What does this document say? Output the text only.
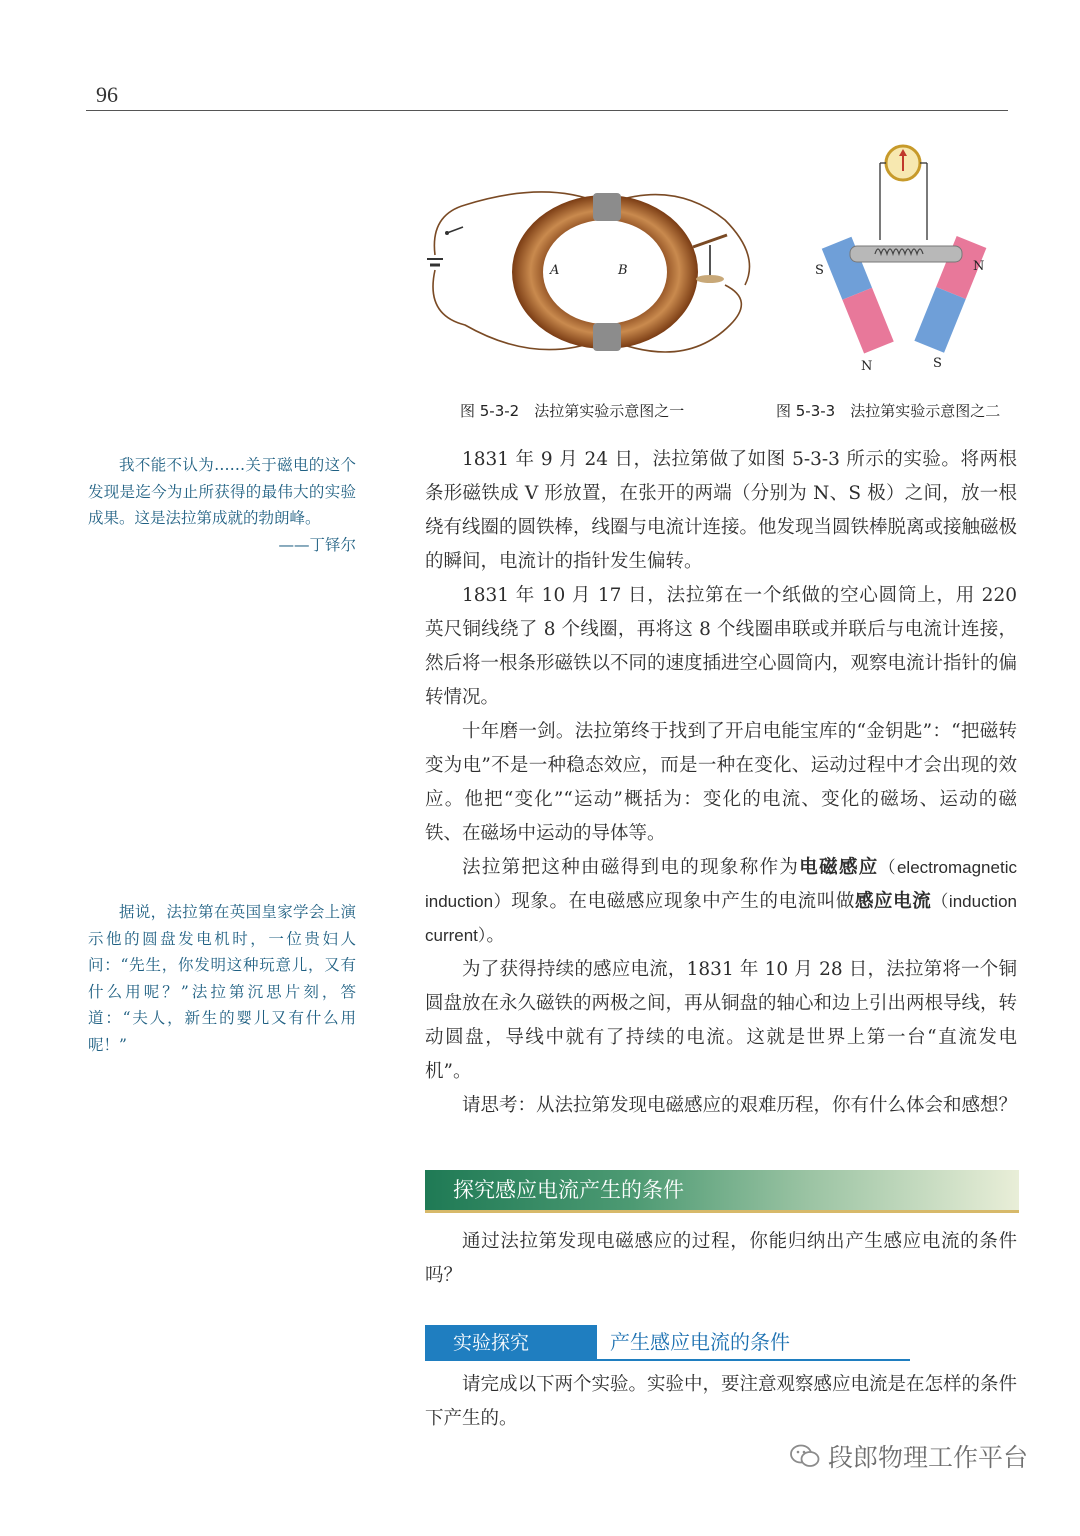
96
A	B
图 5-3-2　法拉第实验示意图之一
S	N
N	S
图 5-3-3　法拉第实验示意图之二

我不能不认为……关于磁电的这个发现是迄今为止所获得的最伟大的实验成果。这是法拉第成就的勃朗峰。

——丁铎尔

据说，法拉第在英国皇家学会上演示他的圆盘发电机时，一位贵妇人问：“先生，你发明这种玩意儿，又有什么用呢？”法拉第沉思片刻，答道：“夫人，新生的婴儿又有什么用呢！”

1831 年 9 月 24 日，法拉第做了如图 5-3-3 所示的实验。将两根条形磁铁成 V 形放置，在张开的两端（分别为 N、S 极）之间，放一根绕有线圈的圆铁棒，线圈与电流计连接。他发现当圆铁棒脱离或接触磁极的瞬间，电流计的指针发生偏转。

1831 年 10 月 17 日，法拉第在一个纸做的空心圆筒上，用 220 英尺铜线绕了 8 个线圈，再将这 8 个线圈串联或并联后与电流计连接，然后将一根条形磁铁以不同的速度插进空心圆筒内，观察电流计指针的偏转情况。

十年磨一剑。法拉第终于找到了开启电能宝库的“金钥匙”：“把磁转变为电”不是一种稳态效应，而是一种在变化、运动过程中才会出现的效应。他把“变化”“运动”概括为：变化的电流、变化的磁场、运动的磁铁、在磁场中运动的导体等。

法拉第把这种由磁得到电的现象称作为电磁感应（electromagnetic induction）现象。在电磁感应现象中产生的电流叫做感应电流（induction current）。

为了获得持续的感应电流，1831 年 10 月 28 日，法拉第将一个铜圆盘放在永久磁铁的两极之间，再从铜盘的轴心和边上引出两根导线，转动圆盘，导线中就有了持续的电流。这就是世界上第一台“直流发电机”。

请思考：从法拉第发现电磁感应的艰难历程，你有什么体会和感想？

探究感应电流产生的条件

通过法拉第发现电磁感应的过程，你能归纳出产生感应电流的条件吗？

实验探究	产生感应电流的条件

请完成以下两个实验。实验中，要注意观察感应电流是在怎样的条件下产生的。

段郎物理工作平台
